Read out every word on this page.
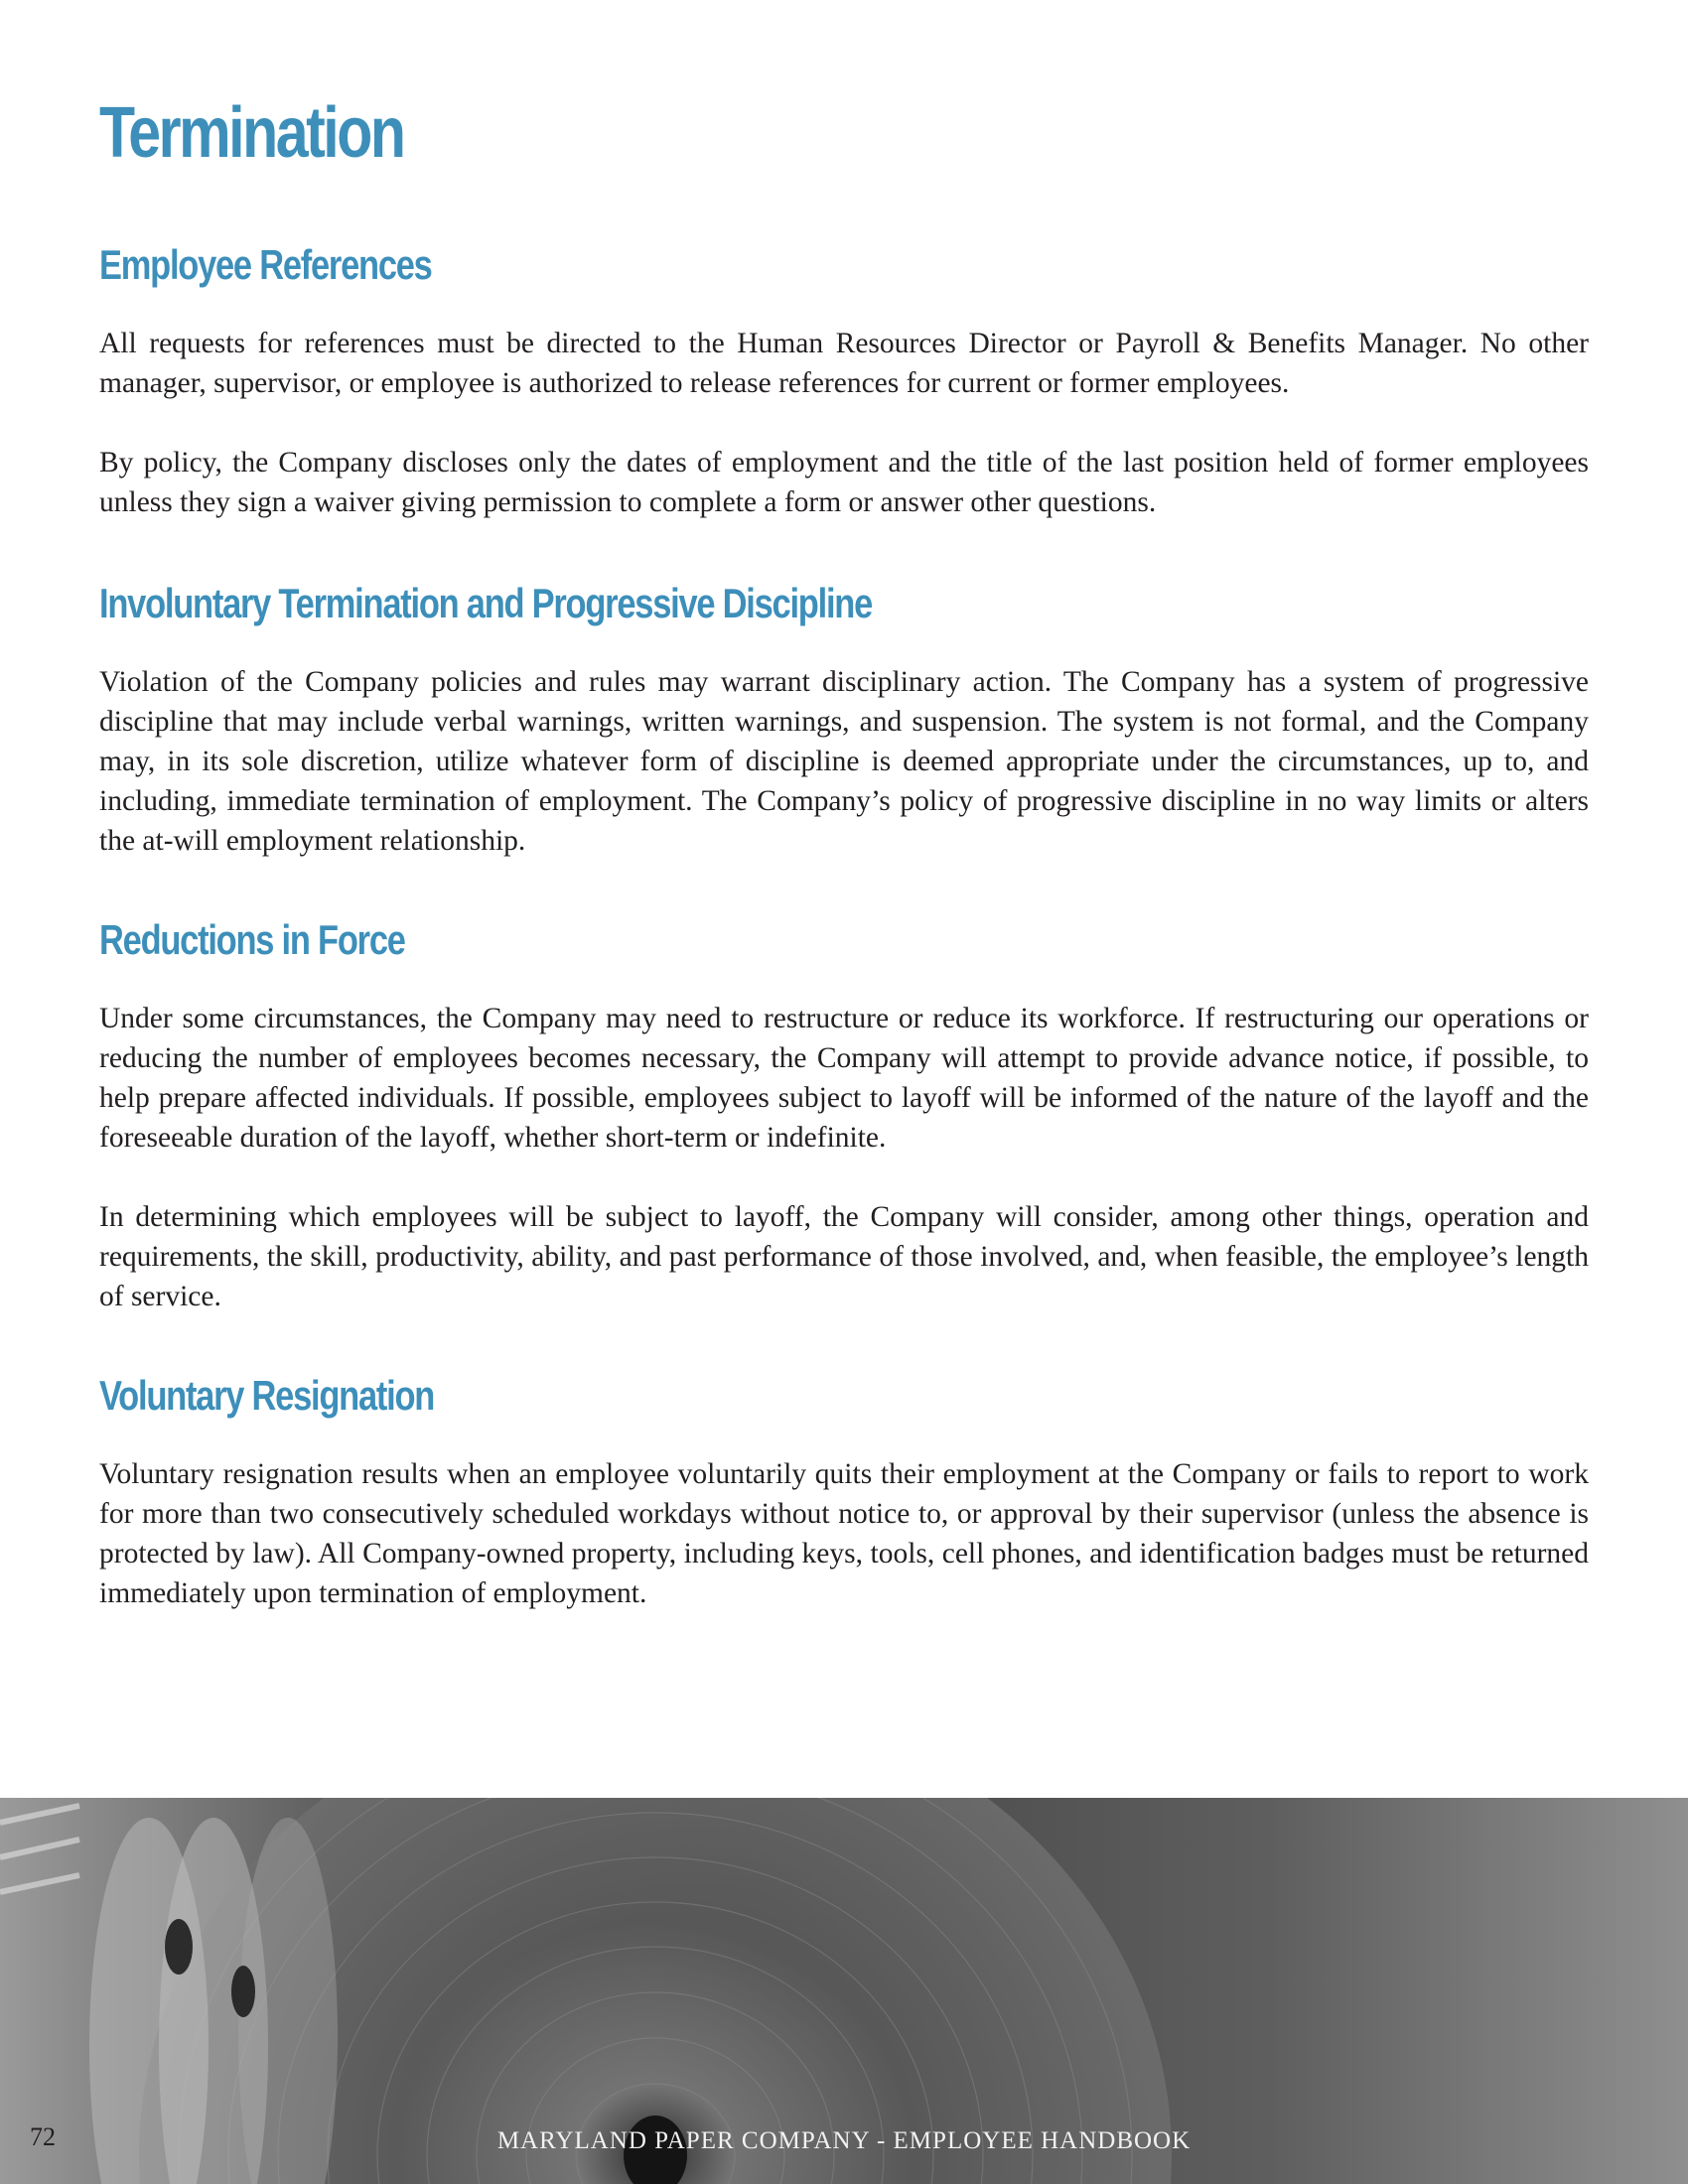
Termination
Employee References

All requests for references must be directed to the Human Resources Director or Payroll & Benefits Manager. No other manager, supervisor, or employee is authorized to release references for current or former employees.

By policy, the Company discloses only the dates of employment and the title of the last position held of former employees unless they sign a waiver giving permission to complete a form or answer other questions.

Involuntary Termination and Progressive Discipline

Violation of the Company policies and rules may warrant disciplinary action. The Company has a system of progressive discipline that may include verbal warnings, written warnings, and suspension. The system is not formal, and the Company may, in its sole discretion, utilize whatever form of discipline is deemed appropriate under the circumstances, up to, and including, immediate termination of employment. The Company’s policy of progressive discipline in no way limits or alters the at-will employment relationship.

Reductions in Force

Under some circumstances, the Company may need to restructure or reduce its workforce. If restructuring our operations or reducing the number of employees becomes necessary, the Company will attempt to provide advance notice, if possible, to help prepare affected individuals. If possible, employees subject to layoff will be informed of the nature of the layoff and the foreseeable duration of the layoff, whether short-term or indefinite.

In determining which employees will be subject to layoff, the Company will consider, among other things, operation and requirements, the skill, productivity, ability, and past performance of those involved, and, when feasible, the employee’s length of service.

Voluntary Resignation

Voluntary resignation results when an employee voluntarily quits their employment at the Company or fails to report to work for more than two consecutively scheduled workdays without notice to, or approval by their supervisor (unless the absence is protected by law). All Company-owned property, including keys, tools, cell phones, and identification badges must be returned immediately upon termination of employment.

72	MARYLAND PAPER COMPANY - EMPLOYEE HANDBOOK
